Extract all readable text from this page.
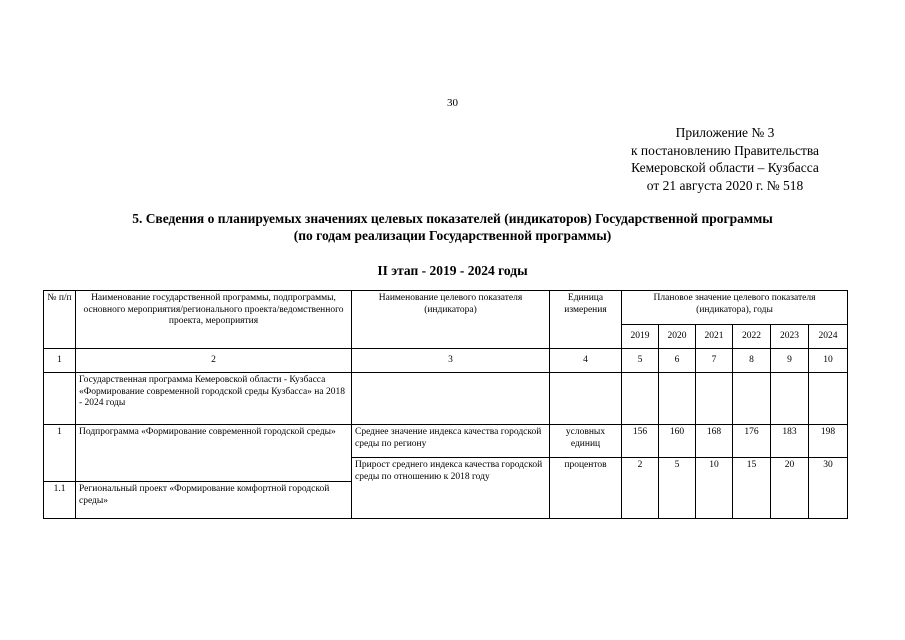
30
Приложение № 3
к постановлению Правительства
Кемеровской области – Кузбасса
от 21 августа 2020 г. № 518
5. Сведения о планируемых значениях целевых показателей (индикаторов) Государственной программы
(по годам реализации Государственной программы)
II этап - 2019 - 2024 годы
№ п/п	Наименование государственной программы, подпрограммы, основного мероприятия/регионального проекта/ведомственного проекта, мероприятия	Наименование целевого показателя (индикатора)	Единица измерения	Плановое значение целевого показателя (индикатора), годы					
				2019	2020	2021	2022	2023	2024
1	2	3	4	5	6	7	8	9	10
	Государственная программа Кемеровской области - Кузбасса «Формирование современной городской среды Кузбасса» на 2018 - 2024 годы								
1	Подпрограмма «Формирование современной городской среды»	Среднее значение индекса качества городской среды по региону	условных единиц	156	160	168	176	183	198
		Прирост среднего индекса качества городской среды по отношению к 2018 году	процентов	2	5	10	15	20	30
1.1	Региональный проект «Формирование комфортной городской среды»								
